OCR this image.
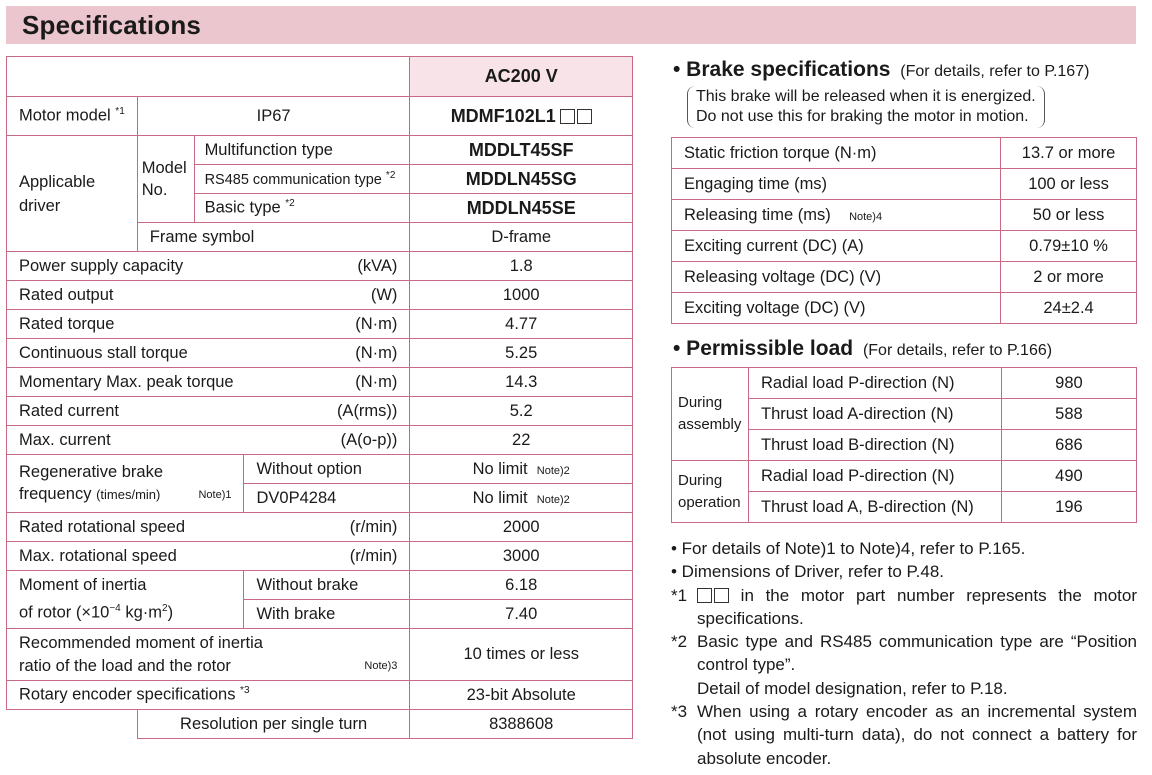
Specifications
				AC200 V
Motor model $^{*1}$	IP67			MDMF102L1
Applicable driver	Model No.	Multifunction type		MDDLT45SF
		RS485 communication type $^{*2}$		MDDLN45SG
		Basic type $^{*2}$		MDDLN45SE
	Frame symbol			D-frame

Power supply capacity (kVA)				1.8

Rated output (W)				1000

Rated torque (N·m)				4.77

Continuous stall torque (N·m)				5.25

Momentary Max. peak torque (N·m)				14.3

Rated current (A(rms))				5.2

Max. current (A(o-p))				22

Regenerative brake
frequency (times/min) Note)1			Without option	No limit Note)2
			DV0P4284	No limit Note)2

Rated rotational speed (r/min)				2000

Max. rotational speed (r/min)				3000

Moment of inertia
of rotor ($\times 10^{-4}$ $kg\cdot m^2$)			Without brake	6.18
			With brake	7.40

Recommended moment of inertia
ratio of the load and the rotor Note)3				10 times or less
Rotary encoder specifications $^{*3}$				23-bit Absolute
	Resolution per single turn			8388608
• Brake specifications (For details, refer to P.167)
This brake will be released when it is energized.
Do not use this for braking the motor in motion.
Static friction torque (N·m)	13.7 or more
Engaging time (ms)	100 or less
Releasing time (ms) Note)4	50 or less
Exciting current (DC) (A)	0.79±10 %
Releasing voltage (DC) (V)	2 or more
Exciting voltage (DC) (V)	24±2.4
• Permissible load (For details, refer to P.166)
During assembly	Radial load P-direction (N)	980
	Thrust load A-direction (N)	588
	Thrust load B-direction (N)	686
During operation	Radial load P-direction (N)	490
	Thrust load A, B-direction (N)	196
• For details of Note)1 to Note)4, refer to P.165.
• Dimensions of Driver, refer to P.48.
*1	in the motor part number represents the motor specifications.
*2 Basic type and RS485 communication type are “Position control type”.
Detail of model designation, refer to P.18.
*3 When using a rotary encoder as an incremental system (not using multi-turn data), do not connect a battery for absolute encoder.
